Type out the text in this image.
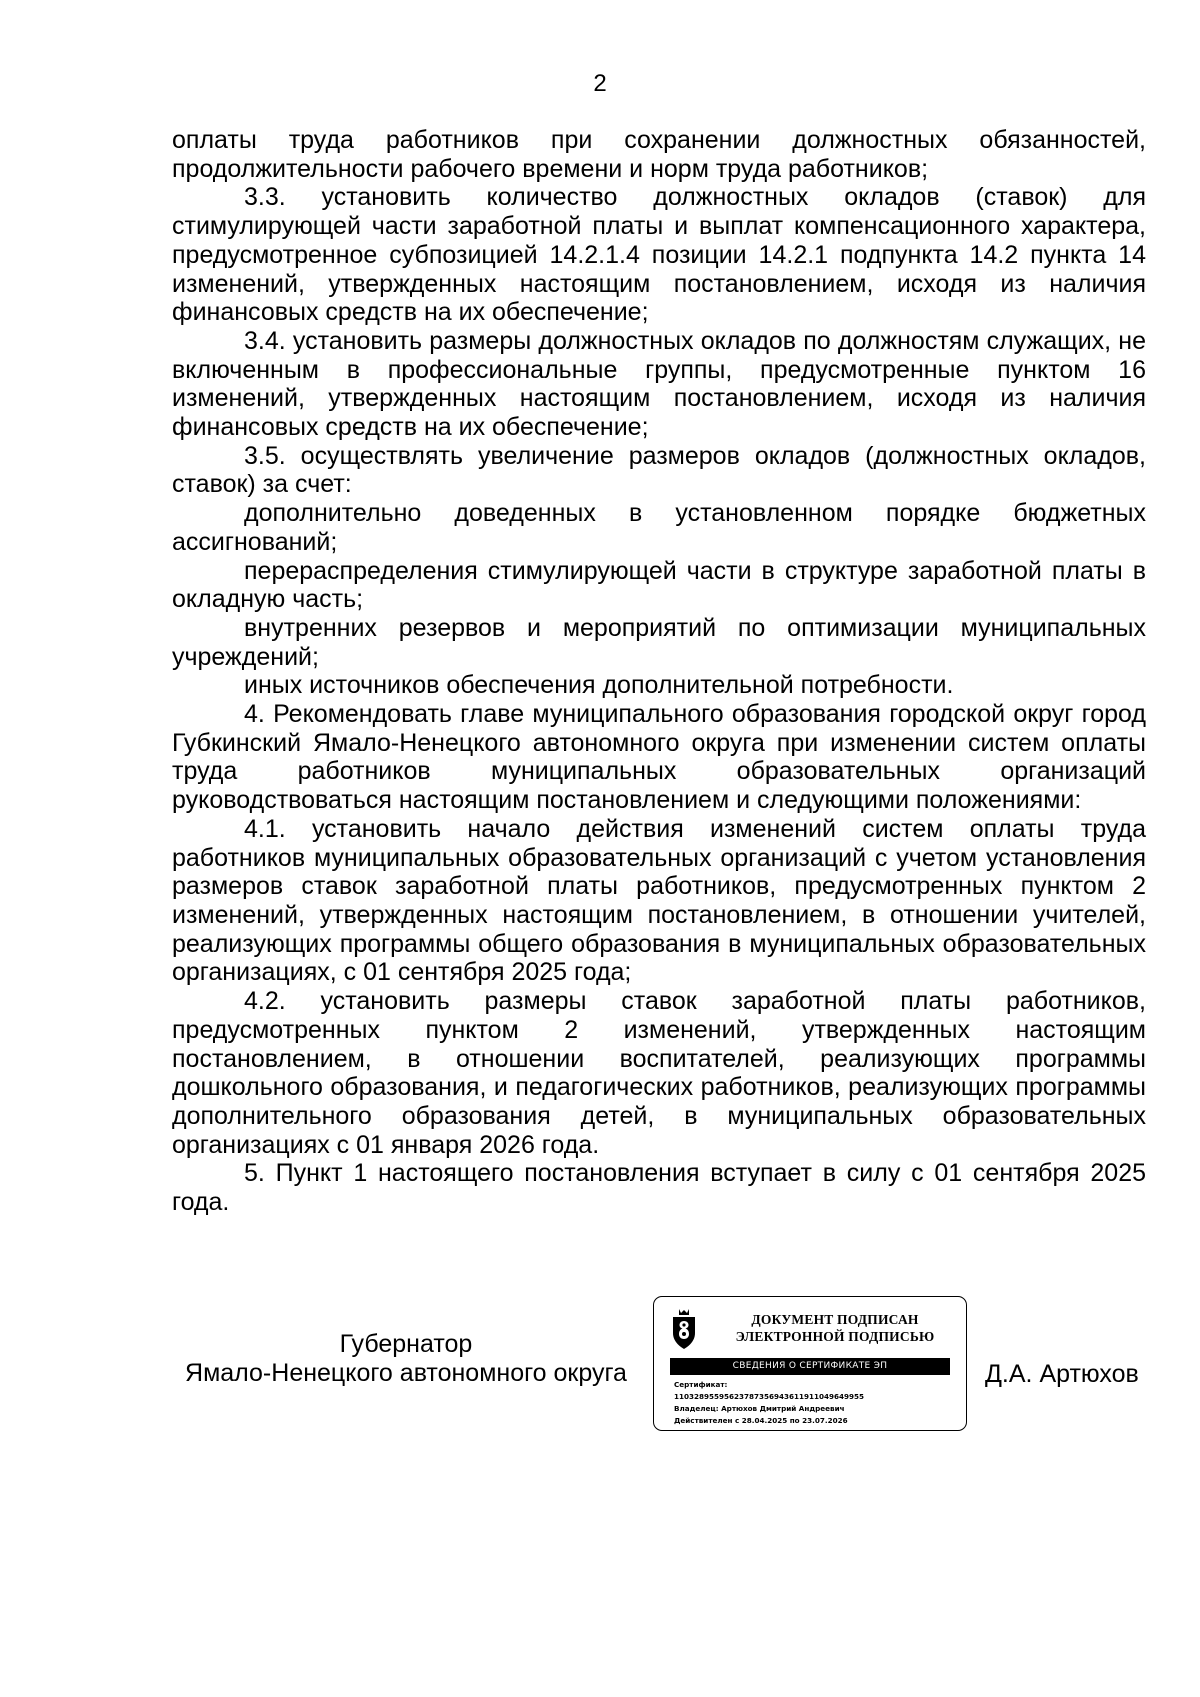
2

оплаты труда работников при сохранении должностных обязанностей, продолжительности рабочего времени и норм труда работников;

3.3. установить количество должностных окладов (ставок) для стимулирующей части заработной платы и выплат компенсационного характера, предусмотренное субпозицией 14.2.1.4 позиции 14.2.1 подпункта 14.2 пункта 14 изменений, утвержденных настоящим постановлением, исходя из наличия финансовых средств на их обеспечение;

3.4. установить размеры должностных окладов по должностям служащих, не включенным в профессиональные группы, предусмотренные пунктом 16 изменений, утвержденных настоящим постановлением, исходя из наличия финансовых средств на их обеспечение;

3.5. осуществлять увеличение размеров окладов (должностных окладов, ставок) за счет:

дополнительно доведенных в установленном порядке бюджетных ассигнований;

перераспределения стимулирующей части в структуре заработной платы в окладную часть;

внутренних резервов и мероприятий по оптимизации муниципальных учреждений;

иных источников обеспечения дополнительной потребности.

4. Рекомендовать главе муниципального образования городской округ город Губкинский Ямало-Ненецкого автономного округа при изменении систем оплаты труда работников муниципальных образовательных организаций руководствоваться настоящим постановлением и следующими положениями:

4.1. установить начало действия изменений систем оплаты труда работников муниципальных образовательных организаций с учетом установления размеров ставок заработной платы работников, предусмотренных пунктом 2 изменений, утвержденных настоящим постановлением, в отношении учителей, реализующих программы общего образования в муниципальных образовательных организациях, с 01 сентября 2025 года;

4.2. установить размеры ставок заработной платы работников, предусмотренных пунктом 2 изменений, утвержденных настоящим постановлением, в отношении воспитателей, реализующих программы дошкольного образования, и педагогических работников, реализующих программы дополнительного образования детей, в муниципальных образовательных организациях с 01 января 2026 года.

5. Пункт 1 настоящего постановления вступает в силу с 01 сентября 2025 года.

Губернатор
Ямало-Ненецкого автономного округа
ДОКУМЕНТ ПОДПИСАН
ЭЛЕКТРОННОЙ ПОДПИСЬЮ
СВЕДЕНИЯ О СЕРТИФИКАТЕ ЭП
Сертификат:
11032895595623787356943611911049649955
Владелец: Артюхов Дмитрий Андреевич
Действителен с 28.04.2025 по 23.07.2026
Д.А. Артюхов
